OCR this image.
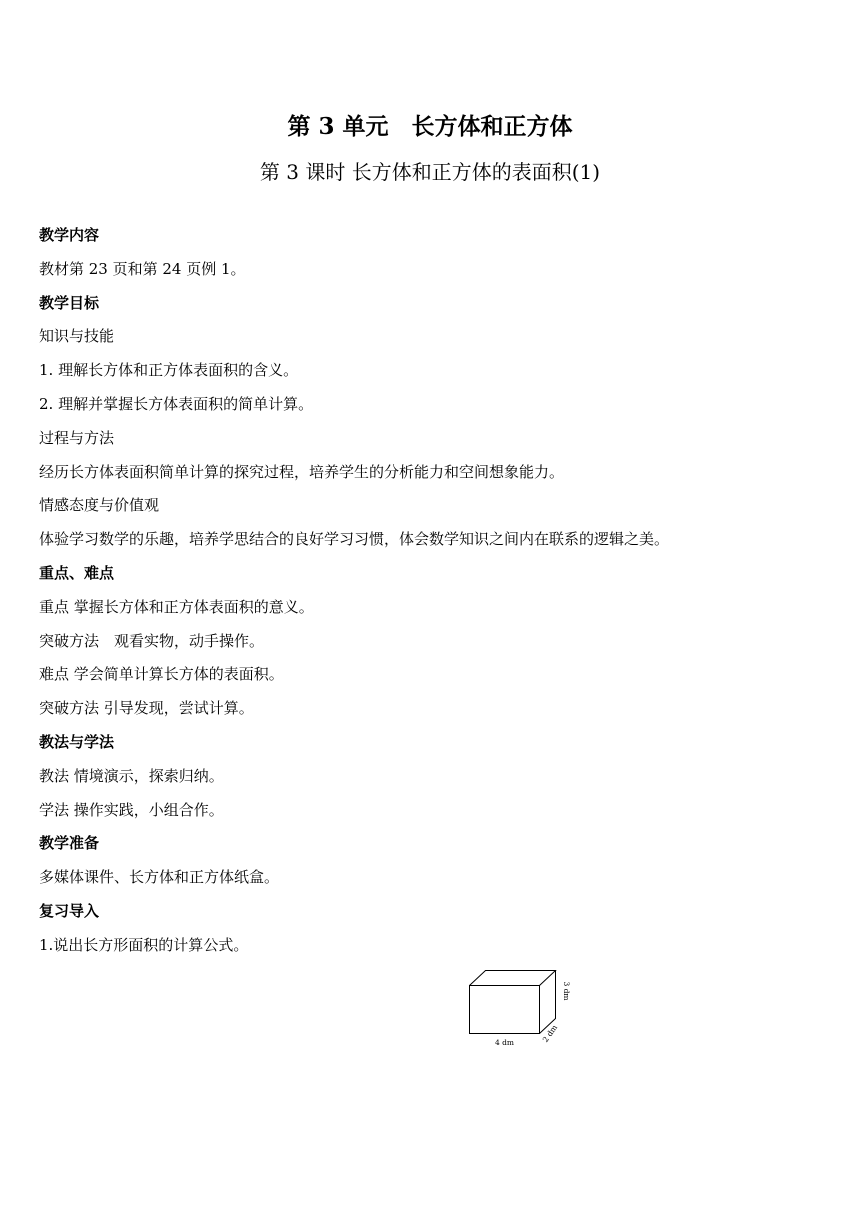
第 3 单元　长方体和正方体
第 3 课时 长方体和正方体的表面积(1)
教学内容
教材第 23 页和第 24 页例 1。
教学目标
知识与技能
1. 理解长方体和正方体表面积的含义。
2. 理解并掌握长方体表面积的简单计算。
过程与方法
经历长方体表面积简单计算的探究过程，培养学生的分析能力和空间想象能力。
情感态度与价值观
体验学习数学的乐趣，培养学思结合的良好学习习惯，体会数学知识之间内在联系的逻辑之美。
重点、难点
重点 掌握长方体和正方体表面积的意义。
突破方法　观看实物，动手操作。
难点 学会简单计算长方体的表面积。
突破方法 引导发现，尝试计算。
教法与学法
教法 情境演示，探索归纳。
学法 操作实践，小组合作。
教学准备
多媒体课件、长方体和正方体纸盒。
复习导入
1.说出长方形面积的计算公式。
4 dm
3 dm
2 dm
